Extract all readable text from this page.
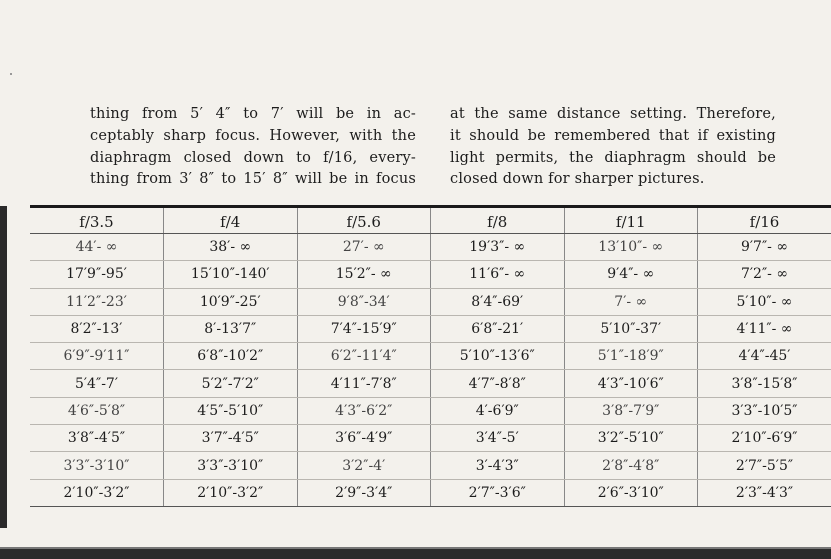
thing from 5′ 4″ to 7′ will be in ac-

ceptably sharp focus. However, with the

diaphragm closed down to f/16, every-

thing from 3′ 8″ to 15′ 8″ will be in focus

at the same distance setting. Therefore,

it should be remembered that if existing

light permits, the diaphragm should be

closed down for sharper pictures.

f/3.5	f/4	f/5.6	f/8	f/11	f/16
44′- ∞	38′- ∞	27′- ∞	19′3″- ∞	13′10″- ∞	9′7″- ∞
17′9″-95′	15′10″-140′	15′2″- ∞	11′6″- ∞	9′4″- ∞	7′2″- ∞
11′2″-23′	10′9″-25′	9′8″-34′	8′4″-69′	7′- ∞	5′10″- ∞
8′2″-13′	8′-13′7″	7′4″-15′9″	6′8″-21′	5′10″-37′	4′11″- ∞
6′9″-9′11″	6′8″-10′2″	6′2″-11′4″	5′10″-13′6″	5′1″-18′9″	4′4″-45′
5′4″-7′	5′2″-7′2″	4′11″-7′8″	4′7″-8′8″	4′3″-10′6″	3′8″-15′8″
4′6″-5′8″	4′5″-5′10″	4′3″-6′2″	4′-6′9″	3′8″-7′9″	3′3″-10′5″
3′8″-4′5″	3′7″-4′5″	3′6″-4′9″	3′4″-5′	3′2″-5′10″	2′10″-6′9″
3′3″-3′10″	3′3″-3′10″	3′2″-4′	3′-4′3″	2′8″-4′8″	2′7″-5′5″
2′10″-3′2″	2′10″-3′2″	2′9″-3′4″	2′7″-3′6″	2′6″-3′10″	2′3″-4′3″
